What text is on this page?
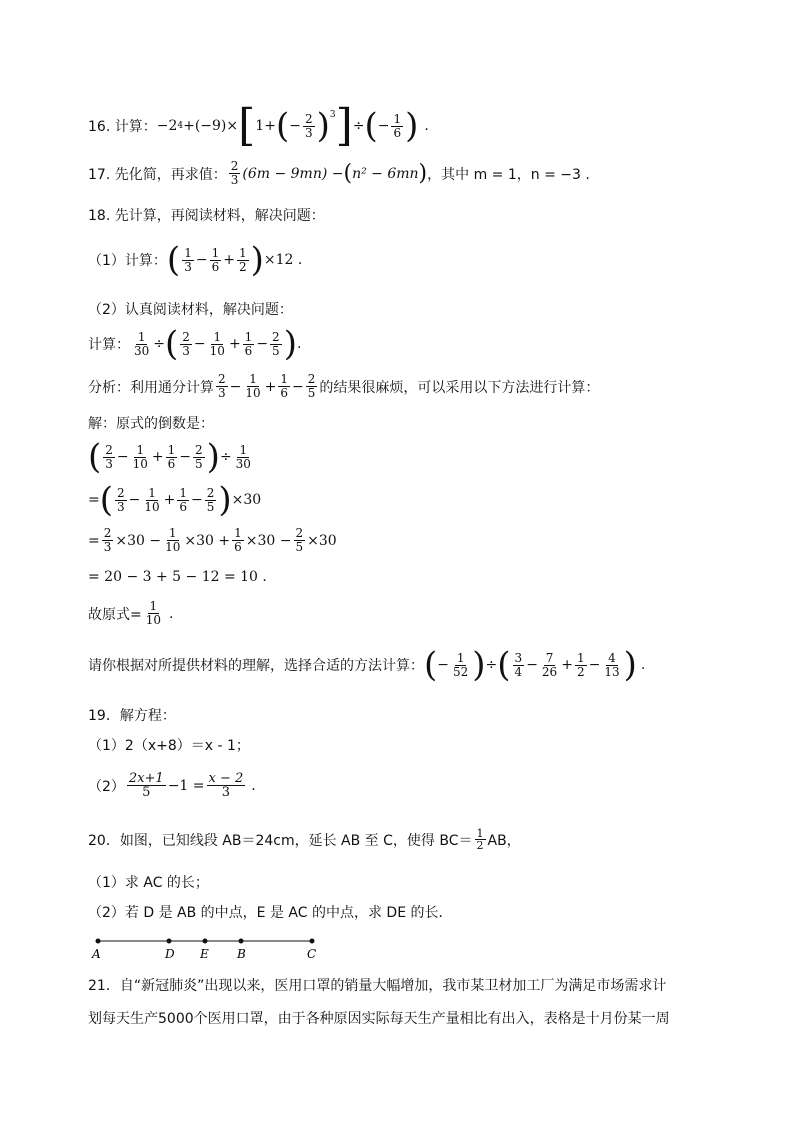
16. 计算： −2 4 +(−9)× [ 1+ ( − $\frac{2}{3}$ ) 3 ] ÷ ( − $\frac{1}{6}$ ) .
17. 先化简，再求值：
2
3 (6m − 9mn) − ( n² − 6mn ) ，其中 m = 1，n = −3 .
18. 先计算，再阅读材料，解决问题：
（1）计算： ( 1
$3 - \frac{1}{6} + \frac{1}{2}$ ) ×12 .
（2）认真阅读材料，解决问题：
计算： $\frac{1}{30}$ ÷ ( 2
$3 - \frac{1}{10} + \frac{1}{6} - \frac{2}{5}$ ) .
分析：利用通分计算
2
$3 - \frac{1}{10} + \frac{1}{6} - \frac{2}{5}$ 的结果很麻烦，可以采用以下方法进行计算：
解：原式的倒数是：
( 2
$3 - \frac{1}{10} + \frac{1}{6} - \frac{2}{5}$ ) ÷ $\frac{1}{30}$
= ( 2
$3 - \frac{1}{10} + \frac{1}{6} - \frac{2}{5}$ ) ×30
= $\frac{2}{3} \times 30 - \frac{1}{10} \times 30 + \frac{1}{6} \times 30 - \frac{2}{5} \times 30$
= 20 − 3 + 5 − 12 = 10 .
故原式= $\frac{1}{10}$ .
请你根据对所提供材料的理解，选择合适的方法计算： ( − $\frac{1}{52}$ ) ÷ ( 3
$4 - \frac{7}{26} + \frac{1}{2} - \frac{4}{13}$ ) .
19．解方程：
（1）2（x+8）＝x - 1；
（2） 2x+1
$5 -1 = \frac{x - 2}{3}$ .
20．如图，已知线段 AB＝24cm，延长 AB 至 C，使得 BC＝ 1
2 AB，
（1）求 AC 的长；
（2）若 D 是 AB 的中点，E 是 AC 的中点，求 DE 的长．
A	D E B	C
21．自“新冠肺炎”出现以来，医用口罩的销量大幅增加，我市某卫材加工厂为满足市场需求计
划每天生产5000个医用口罩，由于各种原因实际每天生产量相比有出入，表格是十月份某一周
